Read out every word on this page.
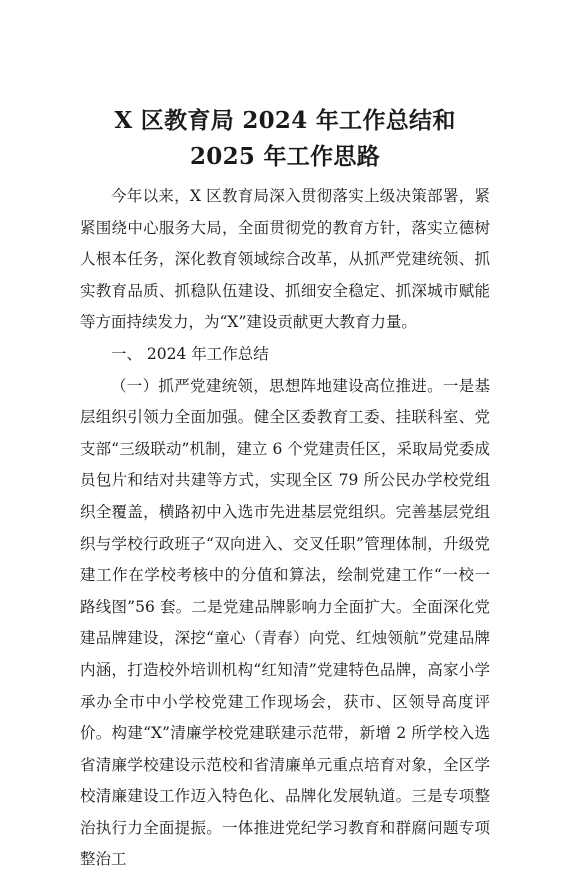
X 区教育局 2024 年工作总结和 2025 年工作思路

今年以来，X 区教育局深入贯彻落实上级决策部署，紧紧围绕中心服务大局，全面贯彻党的教育方针，落实立德树人根本任务，深化教育领域综合改革，从抓严党建统领、抓实教育品质、抓稳队伍建设、抓细安全稳定、抓深城市赋能等方面持续发力，为“X”建设贡献更大教育力量。

一、 2024 年工作总结

（一）抓严党建统领，思想阵地建设高位推进。一是基层组织引领力全面加强。健全区委教育工委、挂联科室、党支部“三级联动”机制，建立 6 个党建责任区，采取局党委成员包片和结对共建等方式，实现全区 79 所公民办学校党组织全覆盖，横路初中入选市先进基层党组织。完善基层党组织与学校行政班子“双向进入、交叉任职”管理体制，升级党建工作在学校考核中的分值和算法，绘制党建工作“一校一路线图”56 套。二是党建品牌影响力全面扩大。全面深化党建品牌建设，深挖“童心（青春）向党、红烛领航”党建品牌内涵，打造校外培训机构“红知清”党建特色品牌，高家小学承办全市中小学校党建工作现场会，获市、区领导高度评价。构建“X”清廉学校党建联建示范带，新增 2 所学校入选省清廉学校建设示范校和省清廉单元重点培育对象，全区学校清廉建设工作迈入特色化、品牌化发展轨道。三是专项整治执行力全面提振。一体推进党纪学习教育和群腐问题专项整治工
